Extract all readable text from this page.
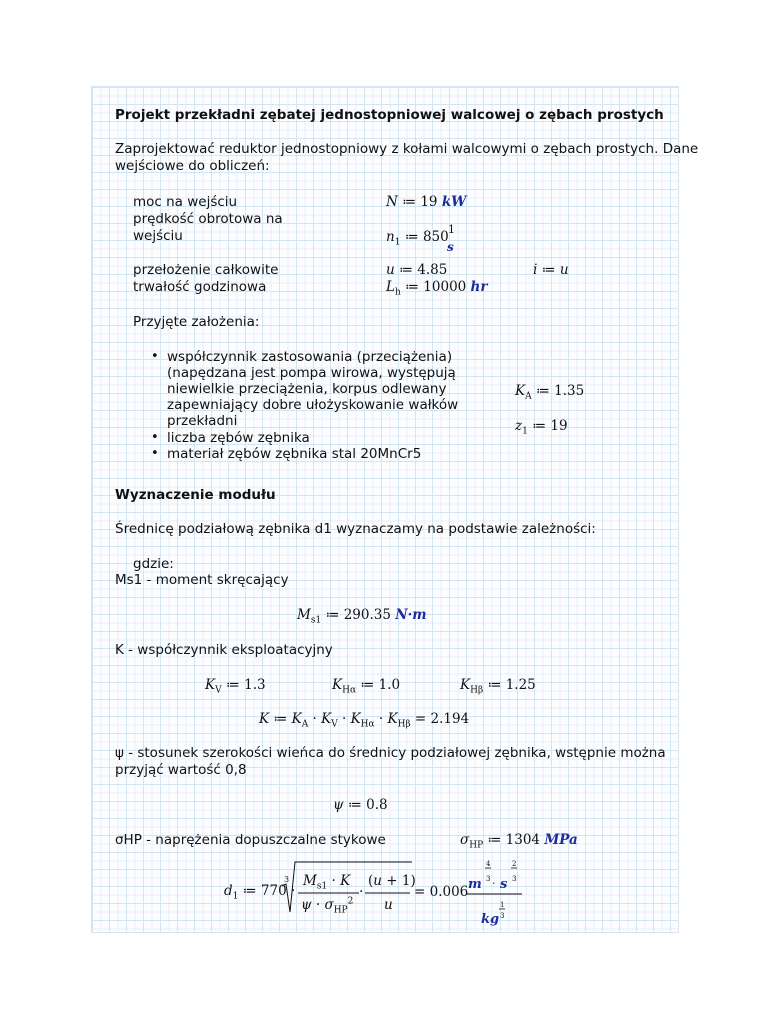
Projekt przekładni zębatej jednostopniowej walcowej o zębach prostych
Zaprojektować reduktor jednostopniowy z kołami walcowymi o zębach prostych. Dane
wejściowe do obliczeń:
moc na wejściu	N ≔ 19 kW
prędkość obrotowa na
wejściu	$n_1$ ≔ 850 1
s
przełożenie całkowite	u ≔ 4.85	i ≔ u
trwałość godzinowa	$L_h$ ≔ 10000 hr
Przyjęte założenia:
• współczynnik zastosowania (przeciążenia)
(napędzana jest pompa wirowa, występują
niewielkie przeciążenia, korpus odlewany
zapewniający dobre ułożyskowanie wałków
przekładni
• liczba zębów zębnika
• materiał zębów zębnika stal 20MnCr5
$K_A$ ≔ 1.35
$z_1$ ≔ 19
Wyznaczenie modułu
Średnicę podziałową zębnika d1 wyznaczamy na podstawie zależności:
gdzie:
Ms1 - moment skręcający
$M_{s1}$ ≔ 290.35 N·m
K - współczynnik eksploatacyjny
$K_V$ ≔ 1.3	$K_{H\alpha}$ ≔ 1.0	$K_{H\beta}$ ≔ 1.25
K ≔ $K_A \cdot K_V \cdot K_{H\alpha} \cdot K_{H\beta} = 2.194$
ψ - stosunek szerokości wieńca do średnicy podziałowej zębnika, wstępnie można
przyjąć wartość 0,8
ψ ≔ 0.8
σHP - naprężenia dopuszczalne stykowe	$\sigma_{HP}$ ≔ 1304 MPa
$d_1$ ≔ 770 ·
3 $M_{s1} \cdot K$
$\psi \cdot \sigma_{HP}^2$
·
(u + 1)
u
= 0.006
4
3
2
3
1
3
m s
kg
·
